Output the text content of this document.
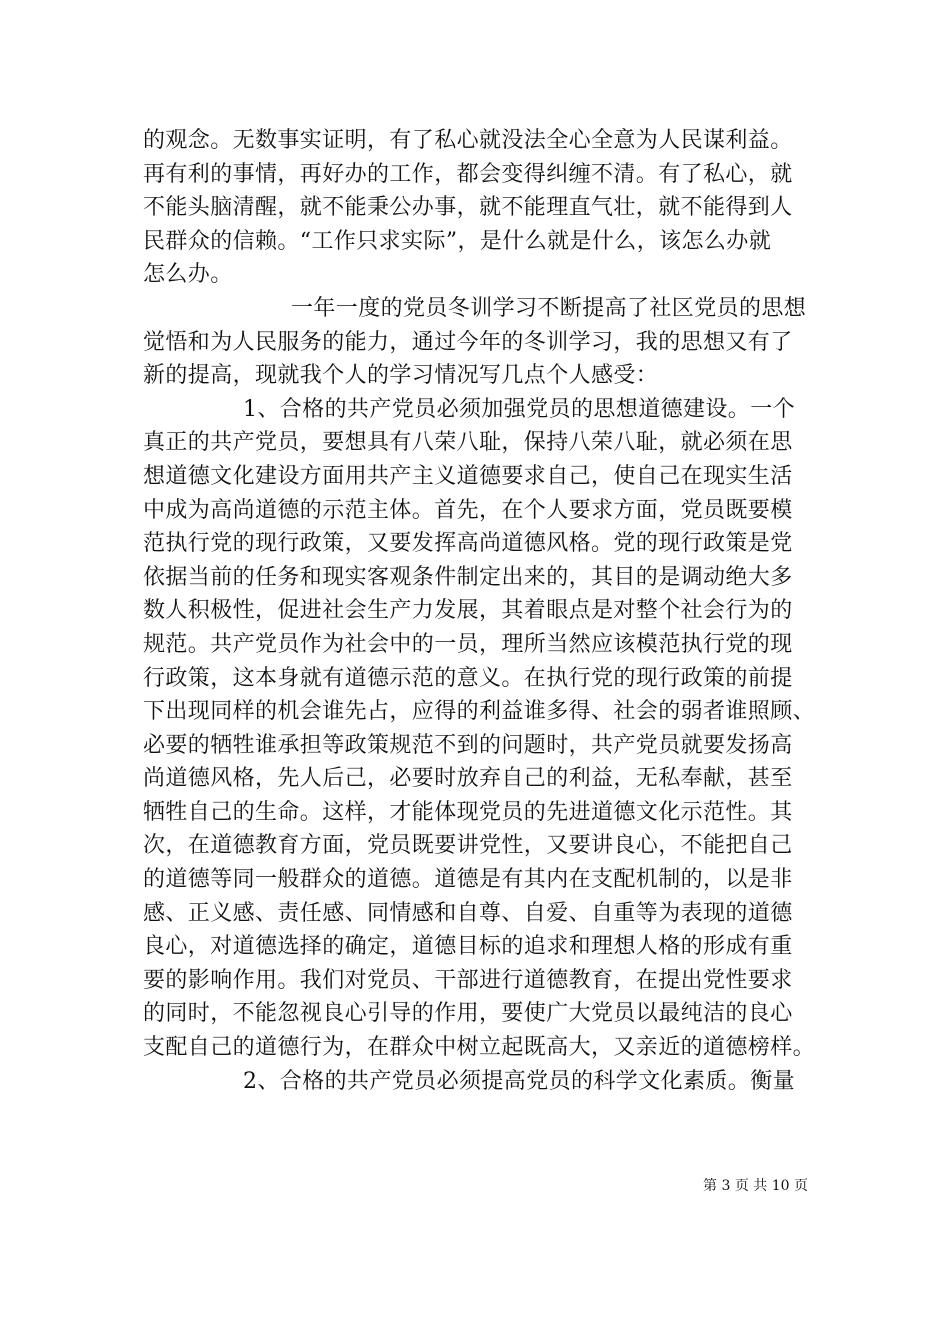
的观念。无数事实证明，有了私心就没法全心全意为人民谋利益。
再有利的事情，再好办的工作，都会变得纠缠不清。有了私心，就
不能头脑清醒，就不能秉公办事，就不能理直气壮，就不能得到人
民群众的信赖。“工作只求实际”，是什么就是什么，该怎么办就
怎么办。
一年一度的党员冬训学习不断提高了社区党员的思想
觉悟和为人民服务的能力，通过今年的冬训学习，我的思想又有了
新的提高，现就我个人的学习情况写几点个人感受：
1、合格的共产党员必须加强党员的思想道德建设。一个
真正的共产党员，要想具有八荣八耻，保持八荣八耻，就必须在思
想道德文化建设方面用共产主义道德要求自己，使自己在现实生活
中成为高尚道德的示范主体。首先，在个人要求方面，党员既要模
范执行党的现行政策，又要发挥高尚道德风格。党的现行政策是党
依据当前的任务和现实客观条件制定出来的，其目的是调动绝大多
数人积极性，促进社会生产力发展，其着眼点是对整个社会行为的
规范。共产党员作为社会中的一员，理所当然应该模范执行党的现
行政策，这本身就有道德示范的意义。在执行党的现行政策的前提
下出现同样的机会谁先占，应得的利益谁多得、社会的弱者谁照顾、
必要的牺牲谁承担等政策规范不到的问题时，共产党员就要发扬高
尚道德风格，先人后己，必要时放弃自己的利益，无私奉献，甚至
牺牲自己的生命。这样，才能体现党员的先进道德文化示范性。其
次，在道德教育方面，党员既要讲党性，又要讲良心，不能把自己
的道德等同一般群众的道德。道德是有其内在支配机制的，以是非
感、正义感、责任感、同情感和自尊、自爱、自重等为表现的道德
良心，对道德选择的确定，道德目标的追求和理想人格的形成有重
要的影响作用。我们对党员、干部进行道德教育，在提出党性要求
的同时，不能忽视良心引导的作用，要使广大党员以最纯洁的良心
支配自己的道德行为，在群众中树立起既高大，又亲近的道德榜样。
2、合格的共产党员必须提高党员的科学文化素质。衡量
第 3 页 共 10 页
